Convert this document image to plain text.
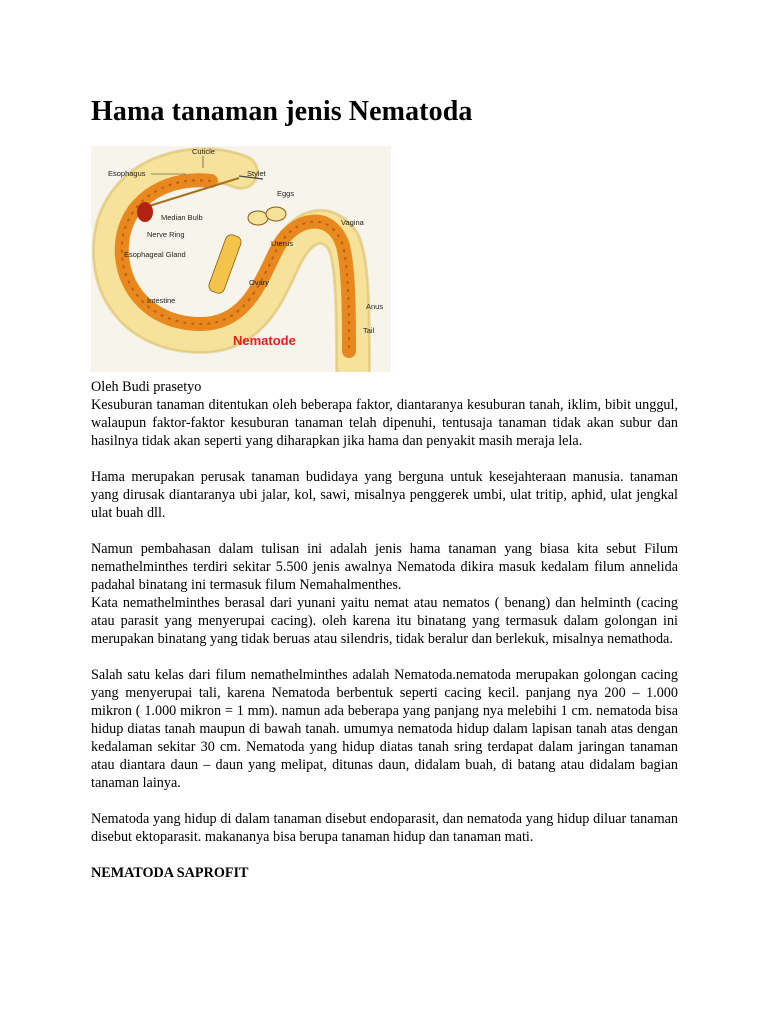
Hama tanaman jenis Nematoda
Cuticle
Esophagus	Stylet
Eggs
Median Bulb
Nerve Ring
Vagina
Uterus
Esophageal Gland
Ovary
Intestine
Anus
Tail
Nematode

Oleh Budi prasetyo

Kesuburan tanaman ditentukan oleh beberapa faktor, diantaranya kesuburan tanah, iklim, bibit unggul, walaupun faktor-faktor kesuburan tanaman telah dipenuhi, tentusaja tanaman tidak akan subur dan hasilnya tidak akan seperti yang diharapkan jika hama dan penyakit masih meraja lela.

Hama merupakan perusak tanaman budidaya yang berguna untuk kesejahteraan manusia. tanaman yang dirusak diantaranya ubi jalar, kol, sawi, misalnya penggerek umbi, ulat tritip, aphid, ulat jengkal ulat buah dll.

Namun pembahasan dalam tulisan ini adalah jenis hama tanaman yang biasa kita sebut Filum nemathelminthes terdiri sekitar 5.500 jenis awalnya Nematoda dikira masuk kedalam filum annelida padahal binatang ini termasuk filum Nemahalmenthes.

Kata nemathelminthes berasal dari yunani yaitu nemat atau nematos ( benang) dan helminth (cacing atau parasit yang menyerupai cacing). oleh karena itu binatang yang termasuk dalam golongan ini merupakan binatang yang tidak beruas atau silendris, tidak beralur dan berlekuk, misalnya nemathoda.

Salah satu kelas dari filum nemathelminthes adalah Nematoda.nematoda merupakan golongan cacing yang menyerupai tali, karena Nematoda berbentuk seperti cacing kecil. panjang nya 200 – 1.000 mikron ( 1.000 mikron = 1 mm). namun ada beberapa yang panjang nya melebihi 1 cm. nematoda bisa hidup diatas tanah maupun di bawah tanah. umumya nematoda hidup dalam lapisan tanah atas dengan kedalaman sekitar 30 cm. Nematoda yang hidup diatas tanah sring terdapat dalam jaringan tanaman atau diantara daun – daun yang melipat, ditunas daun, didalam buah, di batang atau didalam bagian tanaman lainya.

Nematoda yang hidup di dalam tanaman disebut endoparasit, dan nematoda yang hidup diluar tanaman disebut ektoparasit. makananya bisa berupa tanaman hidup dan tanaman mati.

NEMATODA SAPROFIT
